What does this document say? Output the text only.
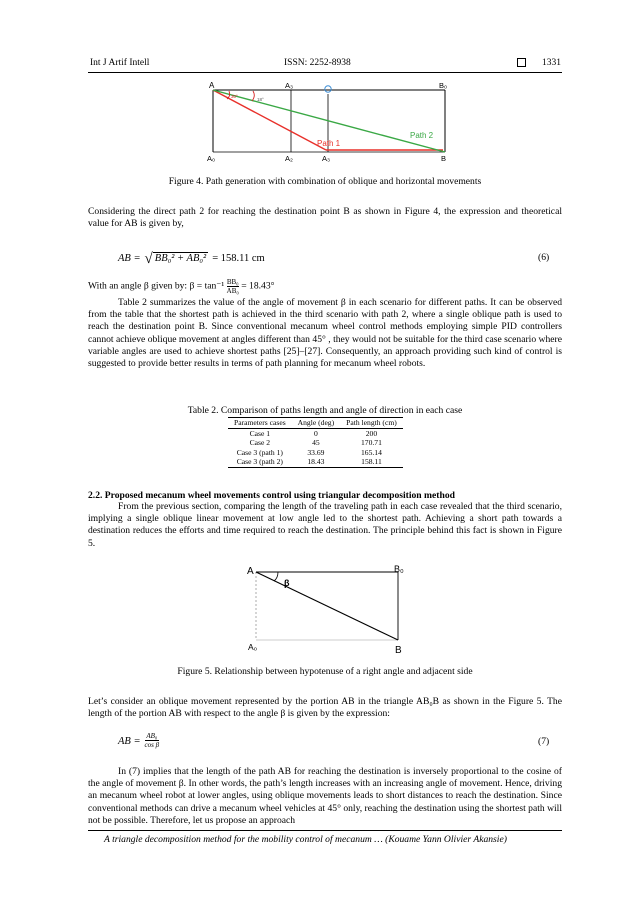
Int J Artif Intell	ISSN: 2252-8938	1331
A	A₃	B₀
A₀	A₂	A₃	B
30°
18°
Path 1
Path 2
Figure 4. Path generation with combination of oblique and horizontal movements
Considering the direct path 2 for reaching the destination point B as shown in Figure 4, the expression and theoretical value for AB is given by,
AB = √ BB₀² + AB₀² = 158.11 cm	(6)
With an angle β given by: $\beta = \tan^{-1} \frac{\text{BB₀}}{\text{AB₀}} = 18.43^\circ$
Table 2 summarizes the value of the angle of movement β in each scenario for different paths. It can be observed from the table that the shortest path is achieved in the third scenario with path 2, where a single oblique path is used to reach the destination point B. Since conventional mecanum wheel control methods employing simple PID controllers cannot achieve oblique movement at angles different than 45° , they would not be suitable for the third case scenario where variable angles are used to achieve shortest paths [25]–[27]. Consequently, an approach providing such kind of control is suggested to provide better results in terms of path planning for mecanum wheel robots.
Table 2. Comparison of paths length and angle of direction in each case
Parameters cases	Angle (deg)	Path length (cm)
Case 1	0	200
Case 2	45	170.71
Case 3 (path 1)	33.69	165.14
Case 3 (path 2)	18.43	158.11
2.2. Proposed mecanum wheel movements control using triangular decomposition method
From the previous section, comparing the length of the traveling path in each case revealed that the third scenario, implying a single oblique linear movement at low angle led to the shortest path. Achieving a short path towards a destination reduces the efforts and time required to reach the destination. The principle behind this fact is shown in Figure 5.
A	B₀
A₀	B
β
Figure 5. Relationship between hypotenuse of a right angle and adjacent side
Let’s consider an oblique movement represented by the portion AB in the triangle AB₀B as shown in the Figure 5. The length of the portion AB with respect to the angle β is given by the expression:
AB = $\frac{\text{AB₀}}{\text{cos β}}$	(7)
In (7) implies that the length of the path AB for reaching the destination is inversely proportional to the cosine of the angle of movement β. In other words, the path’s length increases with an increasing angle of movement. Hence, driving an mecanum wheel robot at lower angles, using oblique movements leads to short distances to reach the destination. Since conventional methods can drive a mecanum wheel vehicles at 45° only, reaching the destination using the shortest path will not be possible. Therefore, let us propose an approach
A triangle decomposition method for the mobility control of mecanum … (Kouame Yann Olivier Akansie)
